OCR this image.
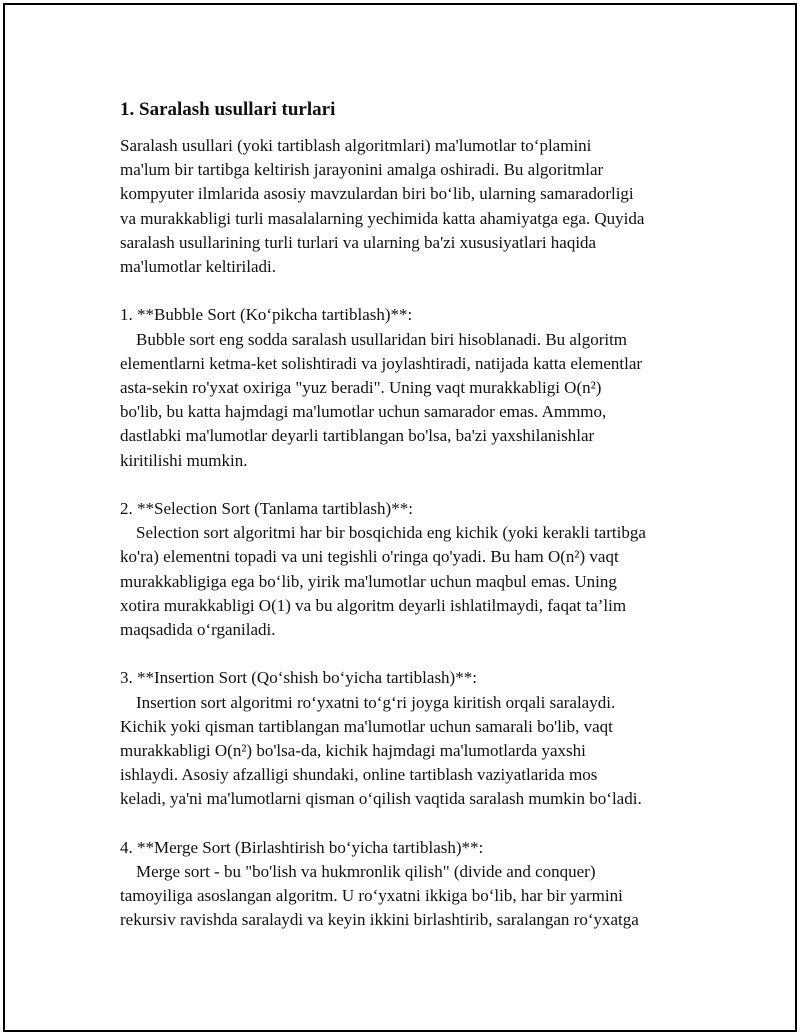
1. Saralash usullari turlari
Saralash usullari (yoki tartiblash algoritmlari) ma'lumotlar to‘plamini
ma'lum bir tartibga keltirish jarayonini amalga oshiradi. Bu algoritmlar
kompyuter ilmlarida asosiy mavzulardan biri bo‘lib, ularning samaradorligi
va murakkabligi turli masalalarning yechimida katta ahamiyatga ega. Quyida
saralash usullarining turli turlari va ularning ba'zi xususiyatlari haqida
ma'lumotlar keltiriladi.
1. **Bubble Sort (Ko‘pikcha tartiblash)**:
Bubble sort eng sodda saralash usullaridan biri hisoblanadi. Bu algoritm
elementlarni ketma-ket solishtiradi va joylashtiradi, natijada katta elementlar
asta-sekin ro'yxat oxiriga "yuz beradi". Uning vaqt murakkabligi O(n²)
bo'lib, bu katta hajmdagi ma'lumotlar uchun samarador emas. Ammmo,
dastlabki ma'lumotlar deyarli tartiblangan bo'lsa, ba'zi yaxshilanishlar
kiritilishi mumkin.
2. **Selection Sort (Tanlama tartiblash)**:
Selection sort algoritmi har bir bosqichida eng kichik (yoki kerakli tartibga
ko'ra) elementni topadi va uni tegishli o'ringa qo'yadi. Bu ham O(n²) vaqt
murakkabligiga ega bo‘lib, yirik ma'lumotlar uchun maqbul emas. Uning
xotira murakkabligi O(1) va bu algoritm deyarli ishlatilmaydi, faqat ta’lim
maqsadida o‘rganiladi.
3. **Insertion Sort (Qo‘shish bo‘yicha tartiblash)**:
Insertion sort algoritmi ro‘yxatni to‘g‘ri joyga kiritish orqali saralaydi.
Kichik yoki qisman tartiblangan ma'lumotlar uchun samarali bo'lib, vaqt
murakkabligi O(n²) bo'lsa-da, kichik hajmdagi ma'lumotlarda yaxshi
ishlaydi. Asosiy afzalligi shundaki, online tartiblash vaziyatlarida mos
keladi, ya'ni ma'lumotlarni qisman o‘qilish vaqtida saralash mumkin bo‘ladi.
4. **Merge Sort (Birlashtirish bo‘yicha tartiblash)**:
Merge sort - bu "bo'lish va hukmronlik qilish" (divide and conquer)
tamoyiliga asoslangan algoritm. U ro‘yxatni ikkiga bo‘lib, har bir yarmini
rekursiv ravishda saralaydi va keyin ikkini birlashtirib, saralangan ro‘yxatga
